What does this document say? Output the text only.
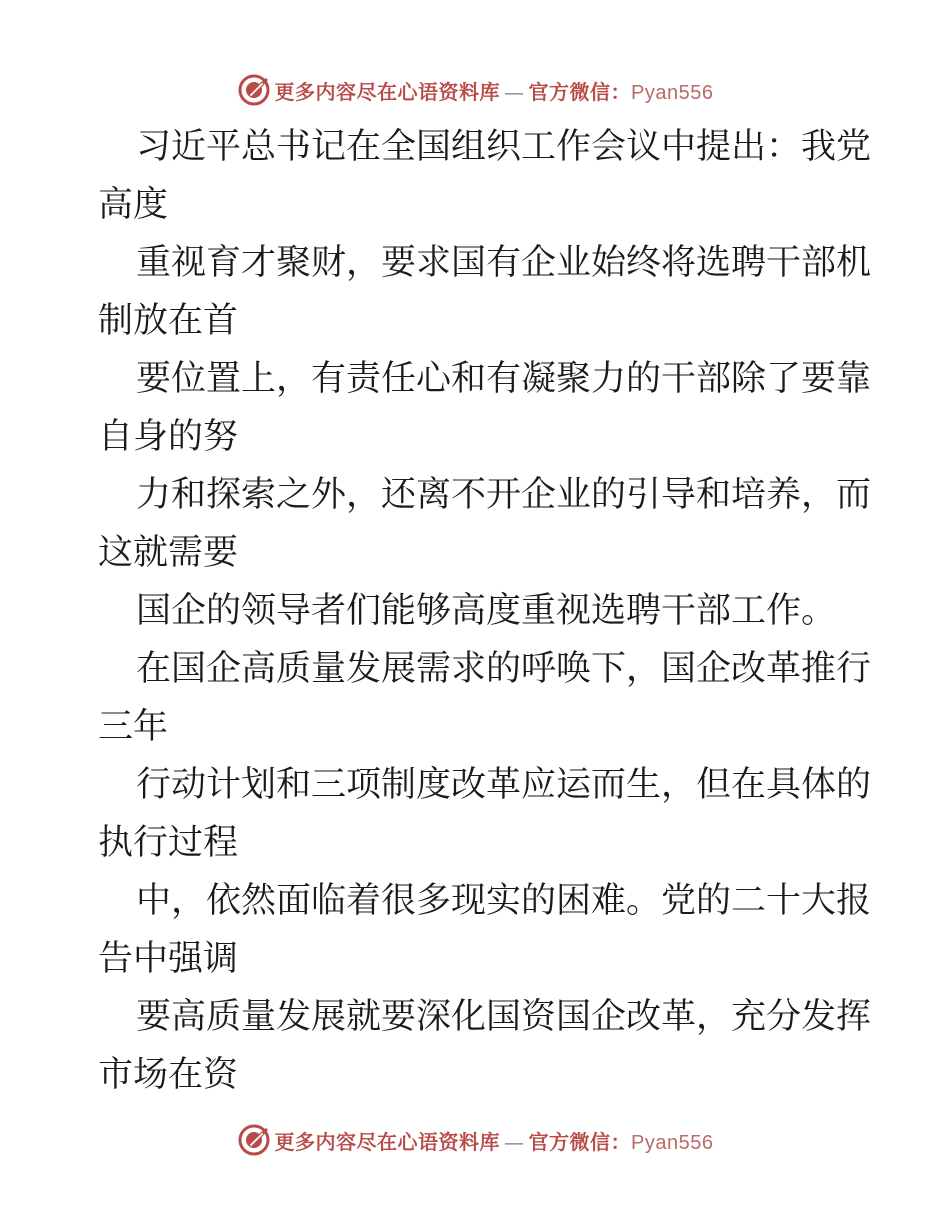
更多内容尽在心语资料库 — 官方微信：Pyan556

习近平总书记在全国组织工作会议中提出：我党

高度

重视育才聚财，要求国有企业始终将选聘干部机

制放在首

要位置上，有责任心和有凝聚力的干部除了要靠

自身的努

力和探索之外，还离不开企业的引导和培养，而

这就需要

国企的领导者们能够高度重视选聘干部工作。

在国企高质量发展需求的呼唤下，国企改革推行

三年

行动计划和三项制度改革应运而生，但在具体的

执行过程

中，依然面临着很多现实的困难。党的二十大报

告中强调

要高质量发展就要深化国资国企改革，充分发挥

市场在资

更多内容尽在心语资料库 — 官方微信：Pyan556
